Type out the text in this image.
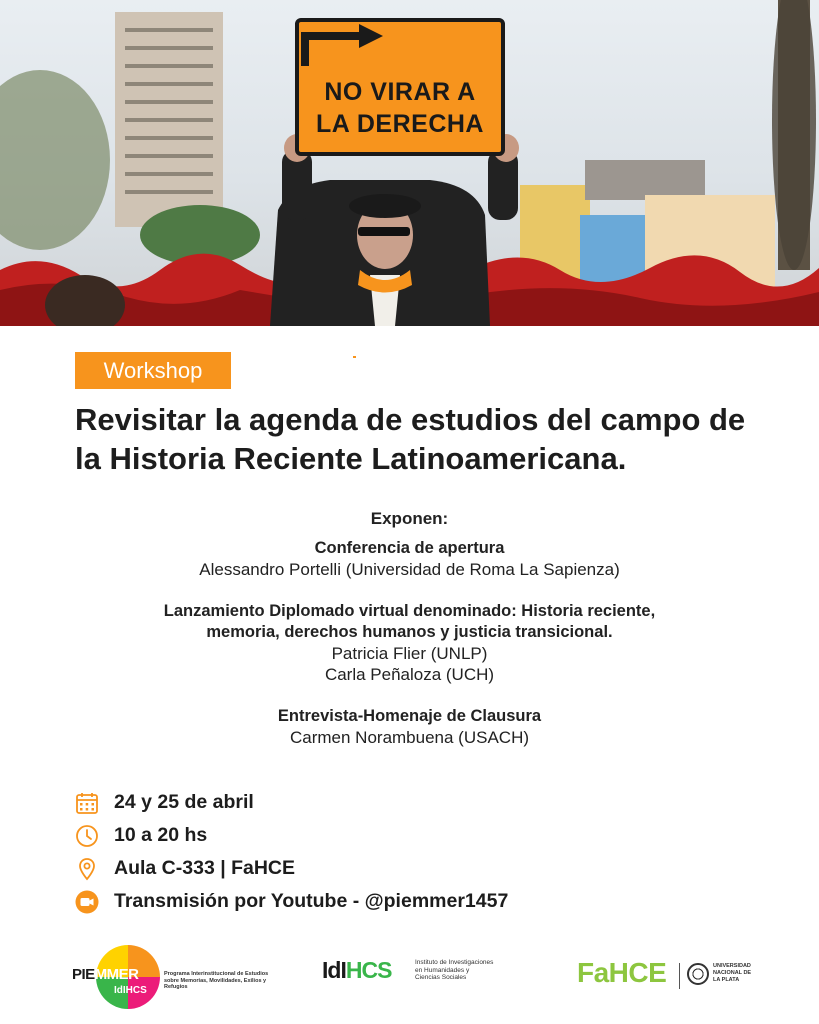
NO VIRAR A
LA DERECHA
Workshop
Revisitar la agenda de estudios del campo de la Historia Reciente Latinoamericana.
Exponen:
Conferencia de apertura
Alessandro Portelli (Universidad de Roma La Sapienza)
Lanzamiento Diplomado virtual denominado: Historia reciente,
memoria, derechos humanos y justicia transicional.
Patricia Flier (UNLP)
Carla Peñaloza (UCH)
Entrevista-Homenaje de Clausura
Carmen Norambuena (USACH)
24 y 25 de abril
10 a 20 hs
Aula C-333 | FaHCE
Transmisión por Youtube - @piemmer1457
PIEMMER
IdIHCS
Programa Interinstitucional de Estudios sobre Memorias, Movilidades, Exilios y Refugios
IdIHCS	Instituto de Investigaciones en Humanidades y Ciencias Sociales	FaHCE	UNIVERSIDAD NACIONAL DE LA PLATA
